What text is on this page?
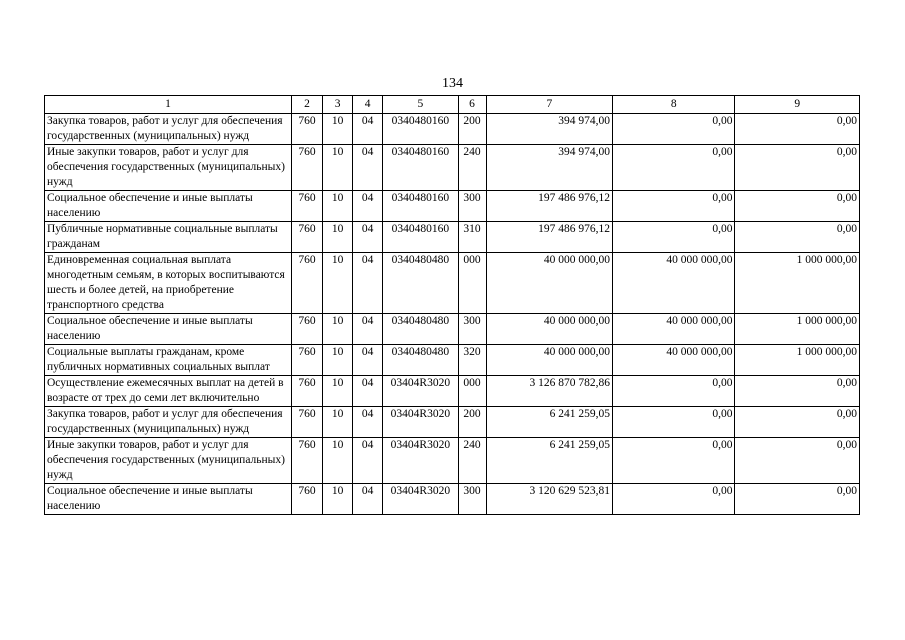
134
1	2	3	4	5	6	7	8	9
Закупка товаров, работ и услуг для обеспечения государственных (муниципальных) нужд	760	10	04	0340480160	200	394 974,00	0,00	0,00
Иные закупки товаров, работ и услуг для обеспечения государственных (муниципальных) нужд	760	10	04	0340480160	240	394 974,00	0,00	0,00
Социальное обеспечение и иные выплаты населению	760	10	04	0340480160	300	197 486 976,12	0,00	0,00
Публичные нормативные социальные выплаты гражданам	760	10	04	0340480160	310	197 486 976,12	0,00	0,00
Единовременная социальная выплата многодетным семьям, в которых воспитываются шесть и более детей, на приобретение транспортного средства	760	10	04	0340480480	000	40 000 000,00	40 000 000,00	1 000 000,00
Социальное обеспечение и иные выплаты населению	760	10	04	0340480480	300	40 000 000,00	40 000 000,00	1 000 000,00
Социальные выплаты гражданам, кроме публичных нормативных социальных выплат	760	10	04	0340480480	320	40 000 000,00	40 000 000,00	1 000 000,00
Осуществление ежемесячных выплат на детей в возрасте от трех до семи лет включительно	760	10	04	03404R3020	000	3 126 870 782,86	0,00	0,00
Закупка товаров, работ и услуг для обеспечения государственных (муниципальных) нужд	760	10	04	03404R3020	200	6 241 259,05	0,00	0,00
Иные закупки товаров, работ и услуг для обеспечения государственных (муниципальных) нужд	760	10	04	03404R3020	240	6 241 259,05	0,00	0,00
Социальное обеспечение и иные выплаты населению	760	10	04	03404R3020	300	3 120 629 523,81	0,00	0,00
